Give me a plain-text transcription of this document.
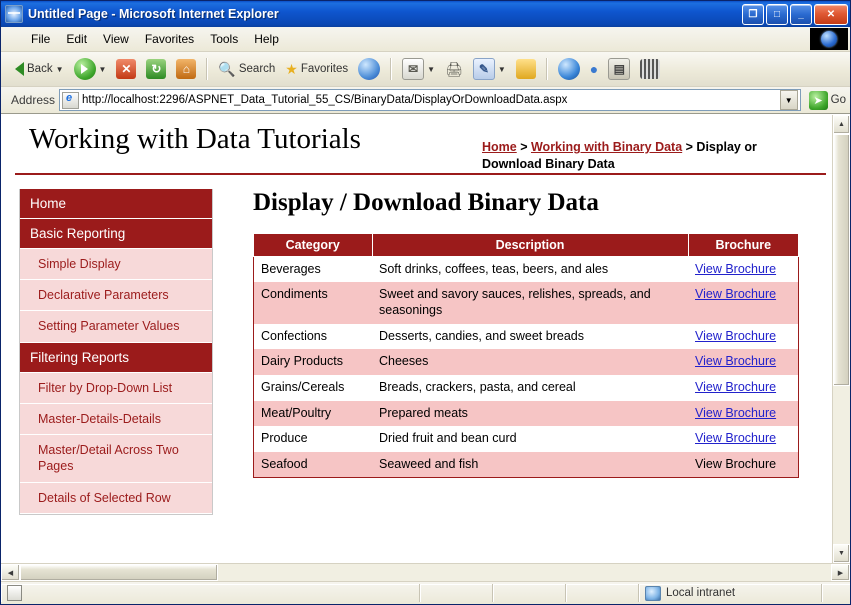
Untitled Page - Microsoft Internet Explorer	❐	□	_	✕
File	Edit	View	Favorites	Tools	Help
Back ▼	▼	✕	↻	⌂	🔍 Search ★ Favorites	✉	▼ 🖨	✎	▼	●	▤
Address e http://localhost:2296/ASPNET_Data_Tutorial_55_CS/BinaryData/DisplayOrDownloadData.aspx	▼	➤ Go
Working with Data Tutorials	Home > Working with Binary Data > Display or Download Binary Data
Home
Basic Reporting
Simple Display
Declarative Parameters
Setting Parameter Values
Filtering Reports
Filter by Drop-Down List
Master-Details-Details
Master/Detail Across Two Pages
Details of Selected Row
Display / Download Binary Data
Category	Description	Brochure
Beverages	Soft drinks, coffees, teas, beers, and ales	View Brochure
Condiments	Sweet and savory sauces, relishes, spreads, and seasonings	View Brochure
Confections	Desserts, candies, and sweet breads	View Brochure
Dairy Products	Cheeses	View Brochure
Grains/Cereals	Breads, crackers, pasta, and cereal	View Brochure
Meat/Poultry	Prepared meats	View Brochure
Produce	Dried fruit and bean curd	View Brochure
Seafood	Seaweed and fish	View Brochure
▲
▼
◀	▶
Local intranet
